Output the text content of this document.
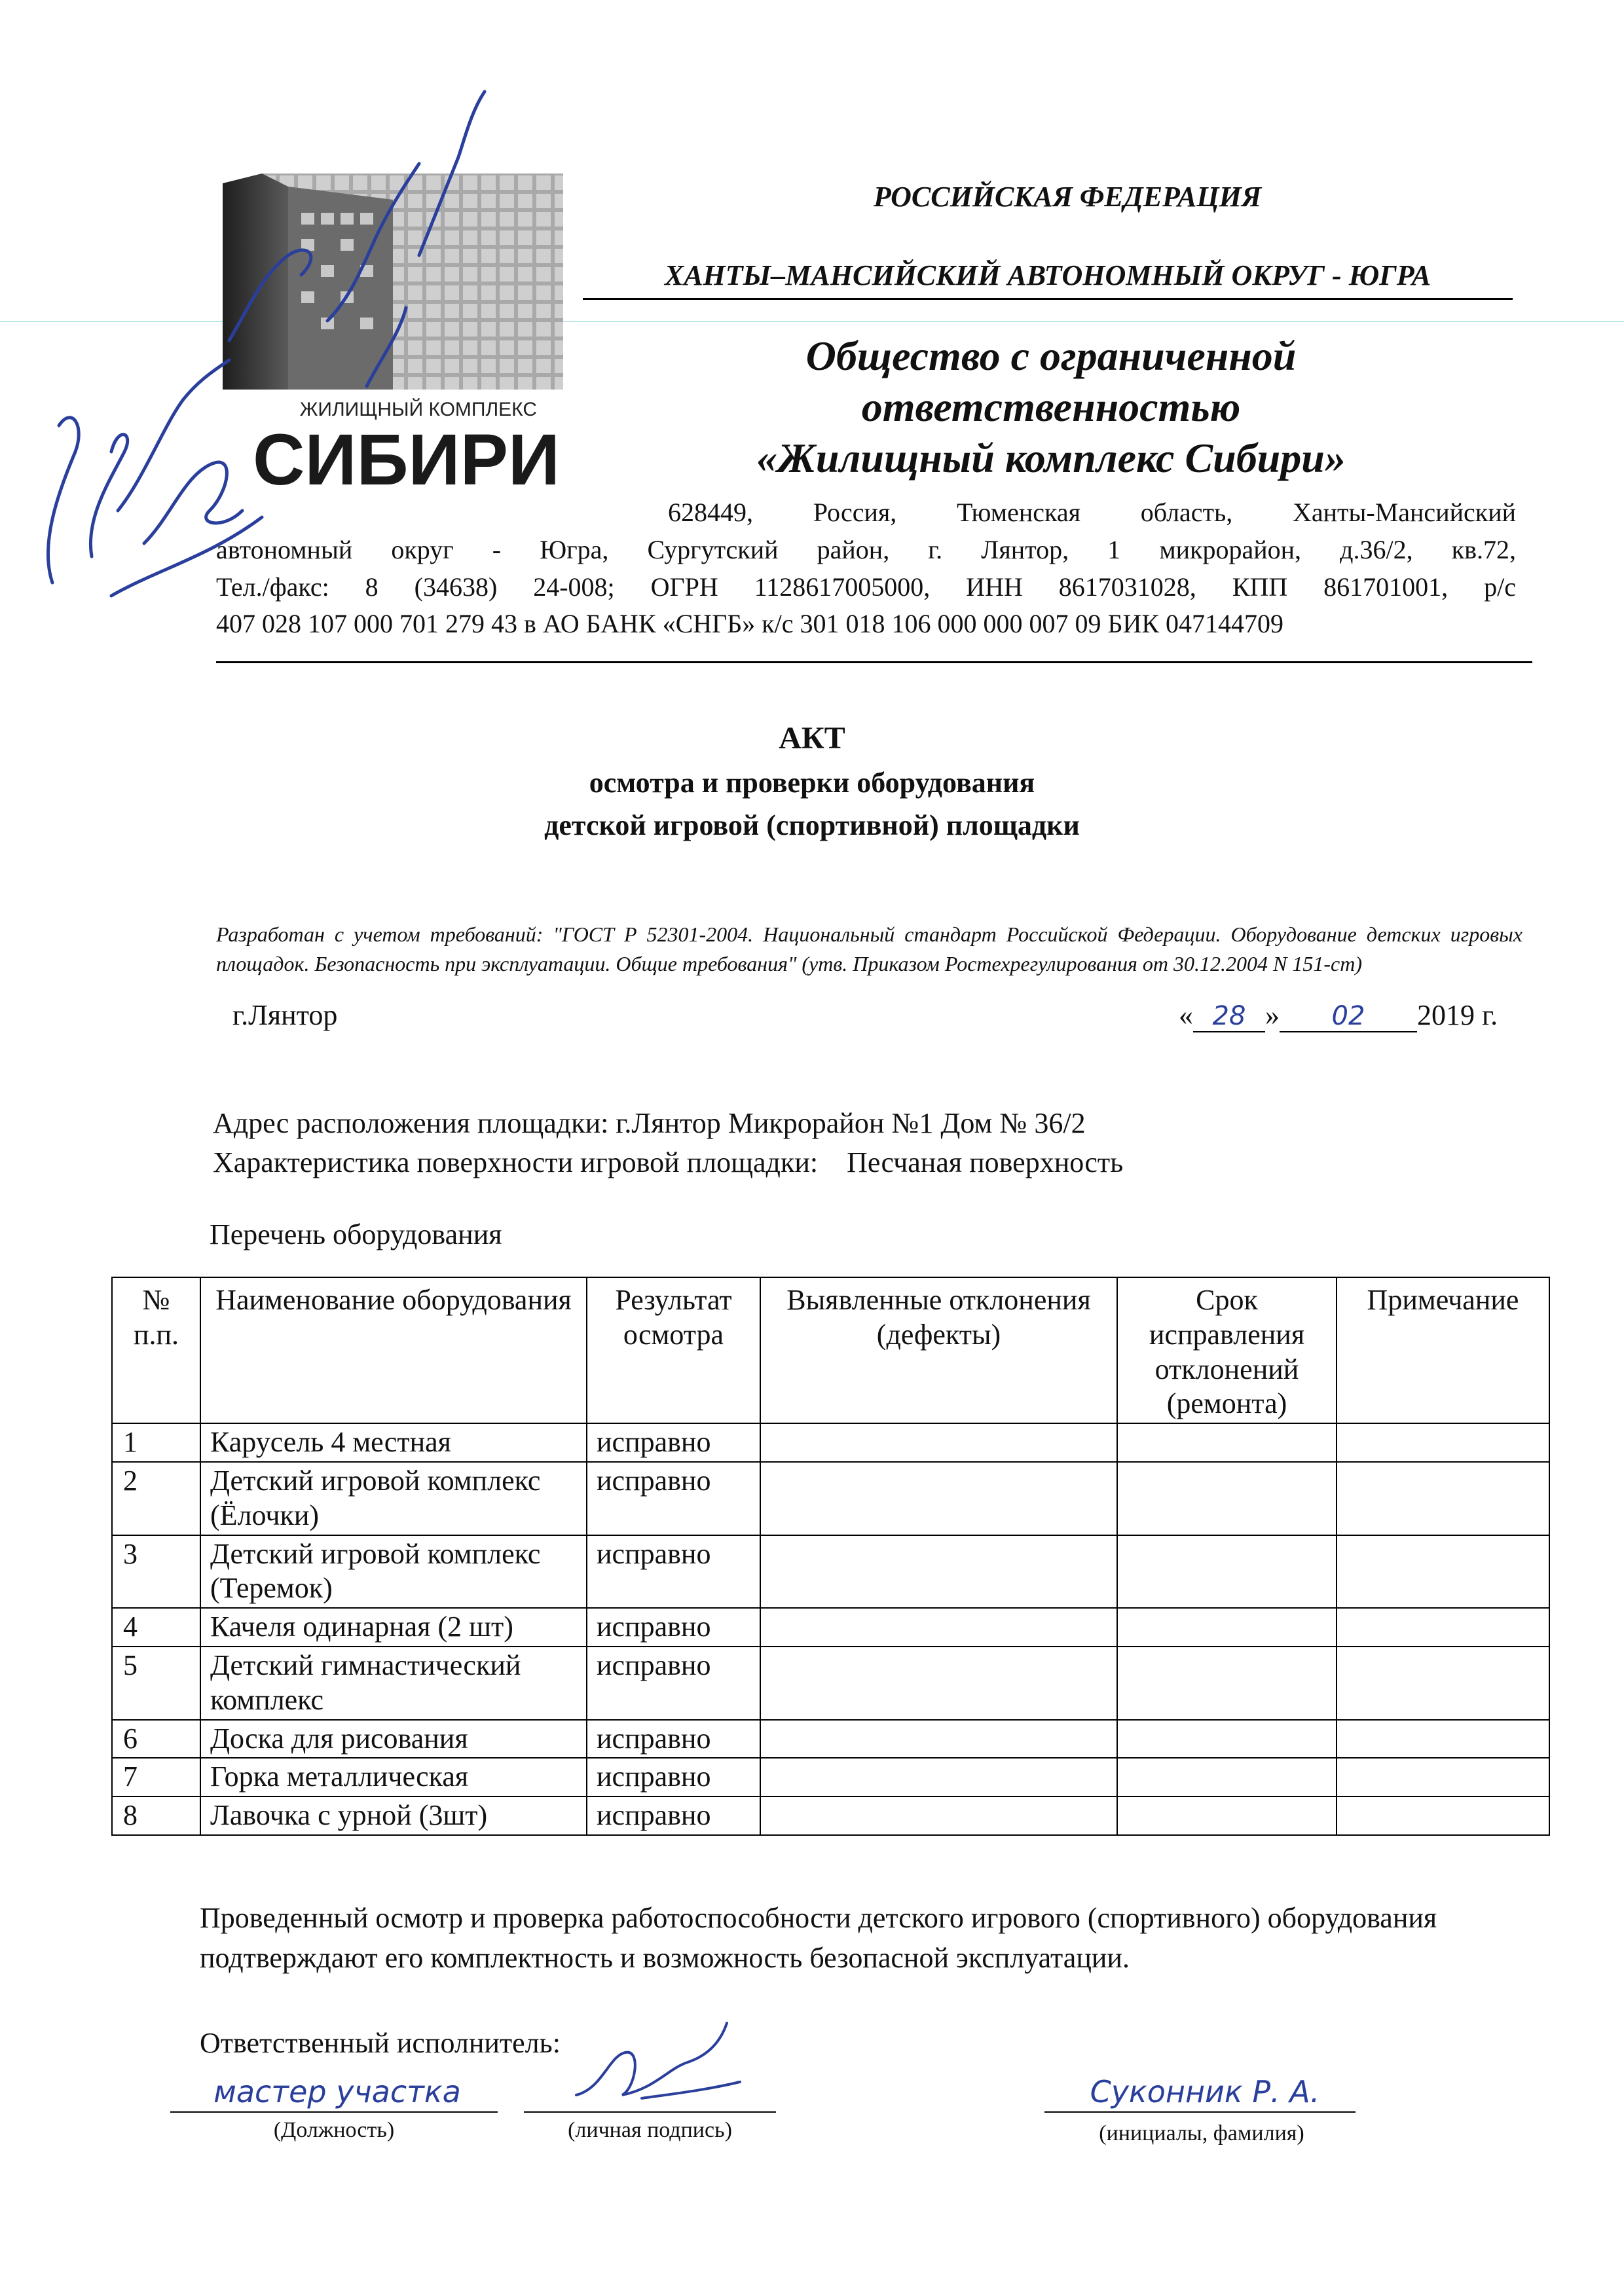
ЖИЛИЩНЫЙ КОМПЛЕКС
СИБИРИ
РОССИЙСКАЯ ФЕДЕРАЦИЯ
ХАНТЫ–МАНСИЙСКИЙ АВТОНОМНЫЙ ОКРУГ - ЮГРА
Общество с ограниченной
ответственностью
«Жилищный комплекс Сибири»
628449, Россия, Тюменская область, Ханты-Мансийский
автономный округ - Югра, Сургутский район, г. Лянтор, 1 микрорайон, д.36/2, кв.72,
Тел./факс: 8 (34638) 24-008; ОГРН 1128617005000, ИНН 8617031028, КПП 861701001, р/с
407 028 107 000 701 279 43 в АО БАНК «СНГБ» к/с 301 018 106 000 000 007 09 БИК 047144709
АКТ
осмотра и проверки оборудования
детской игровой (спортивной) площадки
Разработан с учетом требований: "ГОСТ Р 52301-2004. Национальный стандарт Российской Федерации. Оборудование детских игровых площадок. Безопасность при эксплуатации. Общие требования" (утв. Приказом Ростехрегулирования от 30.12.2004 N 151-ст)
г.Лянтор	« 28 » 02 2019 г.
Адрес расположения площадки: г.Лянтор Микрорайон №1 Дом № 36/2
Характеристика поверхности игровой площадки: Песчаная поверхность
Перечень оборудования
№ п.п.	Наименование оборудования	Результат осмотра	Выявленные отклонения (дефекты)	Срок исправления отклонений (ремонта)	Примечание
1	Карусель 4 местная	исправно			
2	Детский игровой комплекс (Ёлочки)	исправно			
3	Детский игровой комплекс (Теремок)	исправно			
4	Качеля одинарная (2 шт)	исправно			
5	Детский гимнастический комплекс	исправно			
6	Доска для рисования	исправно			
7	Горка металлическая	исправно			
8	Лавочка с урной (3шт)	исправно			
Проведенный осмотр и проверка работоспособности детского игрового (спортивного) оборудования подтверждают его комплектность и возможность безопасной эксплуатации.
Ответственный исполнитель:
мастер участка
(Должность)	(личная подпись)
Суконник Р. А.
(инициалы, фамилия)
